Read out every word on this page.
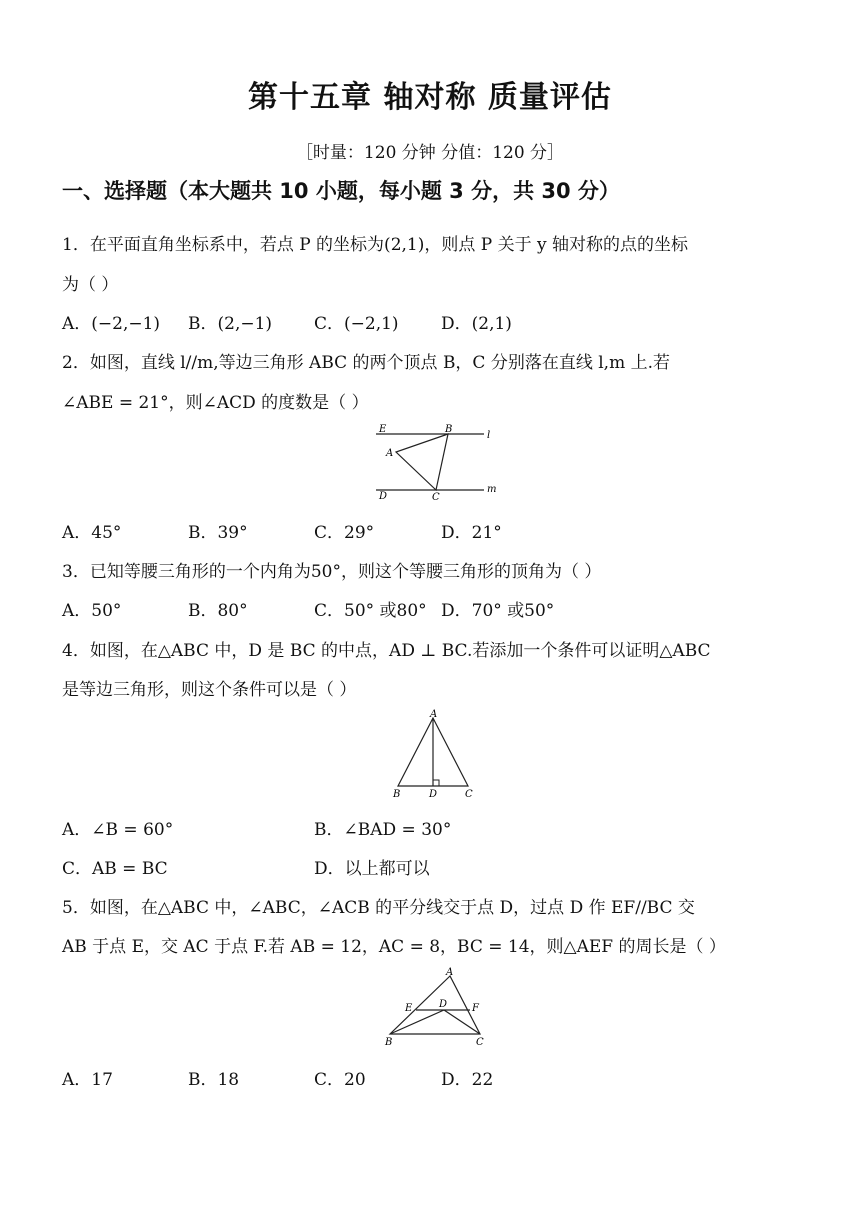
第十五章 轴对称 质量评估
［时量：120 分钟 分值：120 分］
一、选择题（本大题共 10 小题，每小题 3 分，共 30 分）
1．在平面直角坐标系中，若点 P 的坐标为(2,1)，则点 P 关于 y 轴对称的点的坐标
为（ ）
A．(−2,−1) B．(2,−1) C．(−2,1) D．(2,1)
2．如图，直线 l//m,等边三角形 ABC 的两个顶点 B，C 分别落在直线 l,m 上.若
∠ABE = 21°，则∠ACD 的度数是（ ）
E	B
l
A
D	C
m
A．45°	B．39°	C．29°	D．21°
3．已知等腰三角形的一个内角为50°，则这个等腰三角形的顶角为（ ）
A．50°	B．80°	C．50° 或80° D．70° 或50°
4．如图，在△ABC 中，D 是 BC 的中点，AD ⊥ BC.若添加一个条件可以证明△ABC
是等边三角形，则这个条件可以是（ ）
A
B	D	C
A．∠B = 60°	B．∠BAD = 30°
C．AB = BC	D．以上都可以
5．如图，在△ABC 中，∠ABC，∠ACB 的平分线交于点 D，过点 D 作 EF//BC 交
AB 于点 E，交 AC 于点 F.若 AB = 12，AC = 8，BC = 14，则△AEF 的周长是（ ）
A
E	D F
B	C
A．17	B．18	C．20	D．22
